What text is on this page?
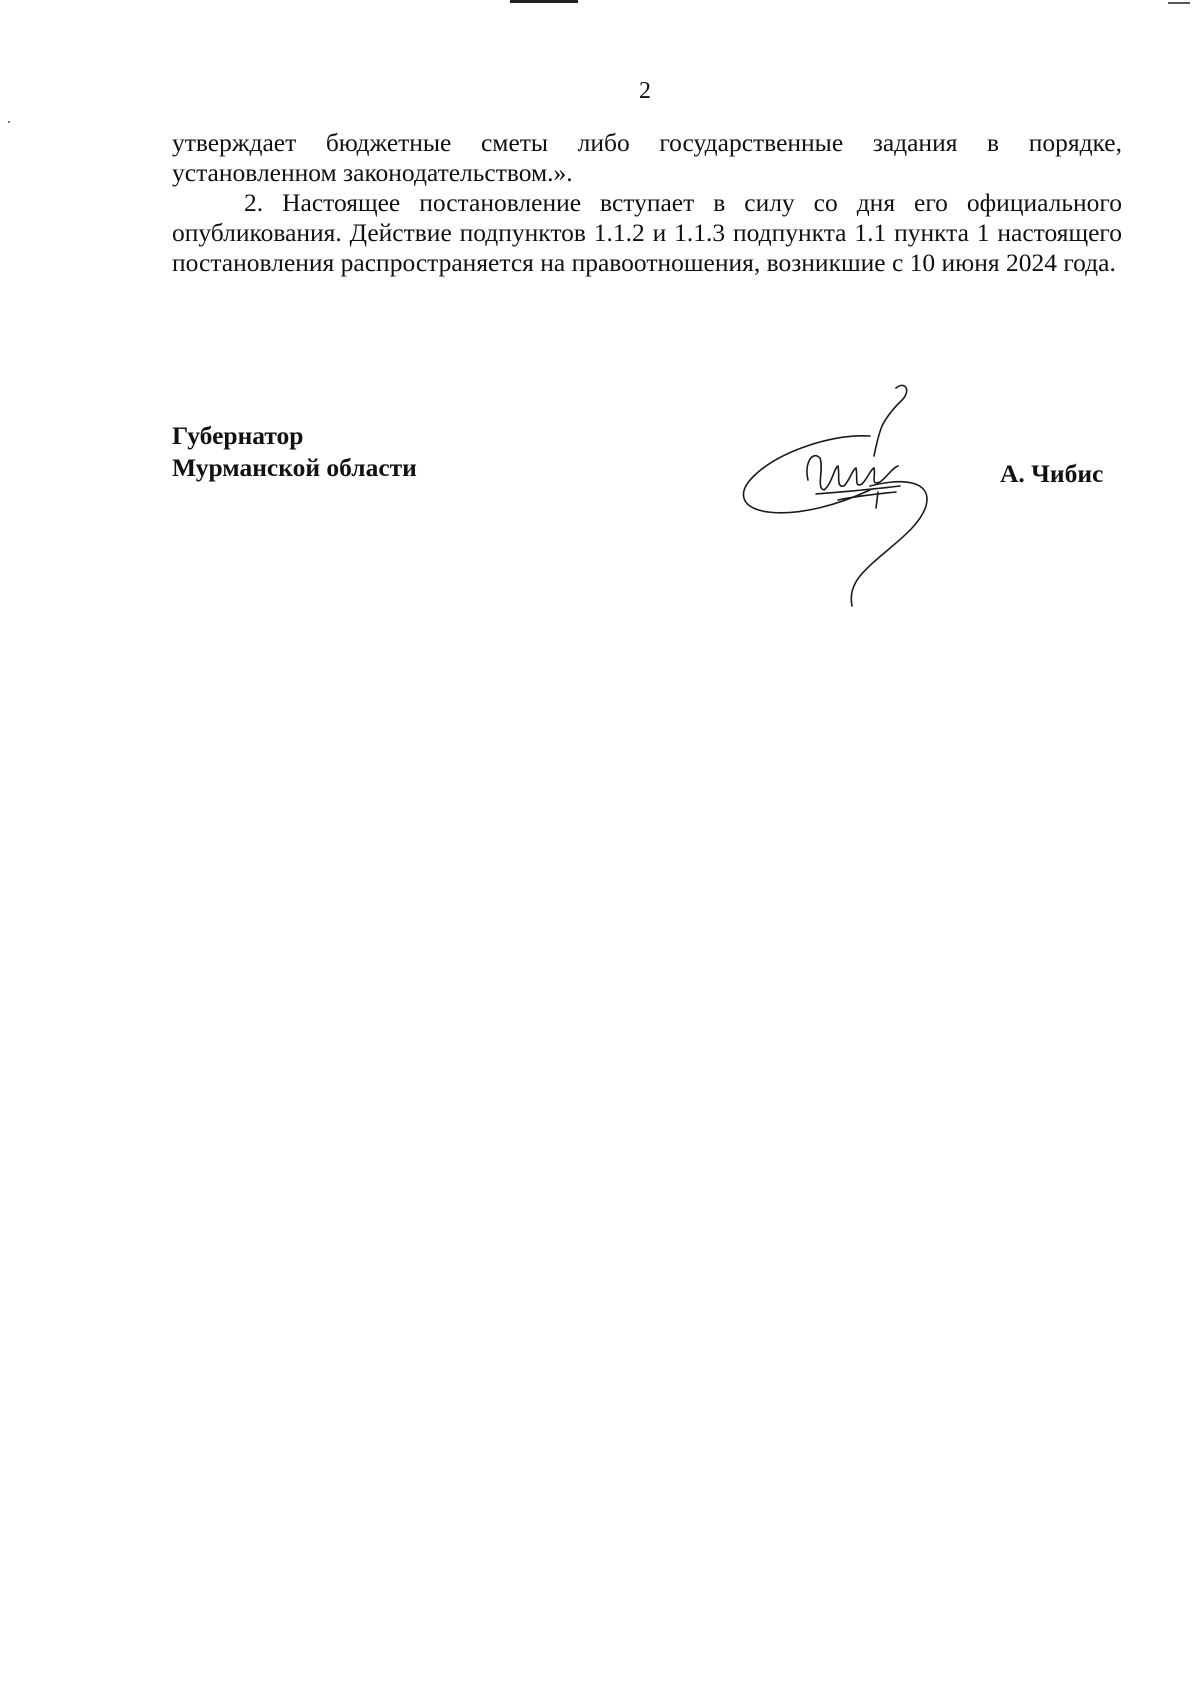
2

утверждает бюджетные сметы либо государственные задания в порядке, установленном законодательством.».

2. Настоящее постановление вступает в силу со дня его официального опубликования. Действие подпунктов 1.1.2 и 1.1.3 подпункта 1.1 пункта 1 настоящего постановления распространяется на правоотношения, возникшие с 10 июня 2024 года.

Губернатор
Мурманской области	А. Чибис
